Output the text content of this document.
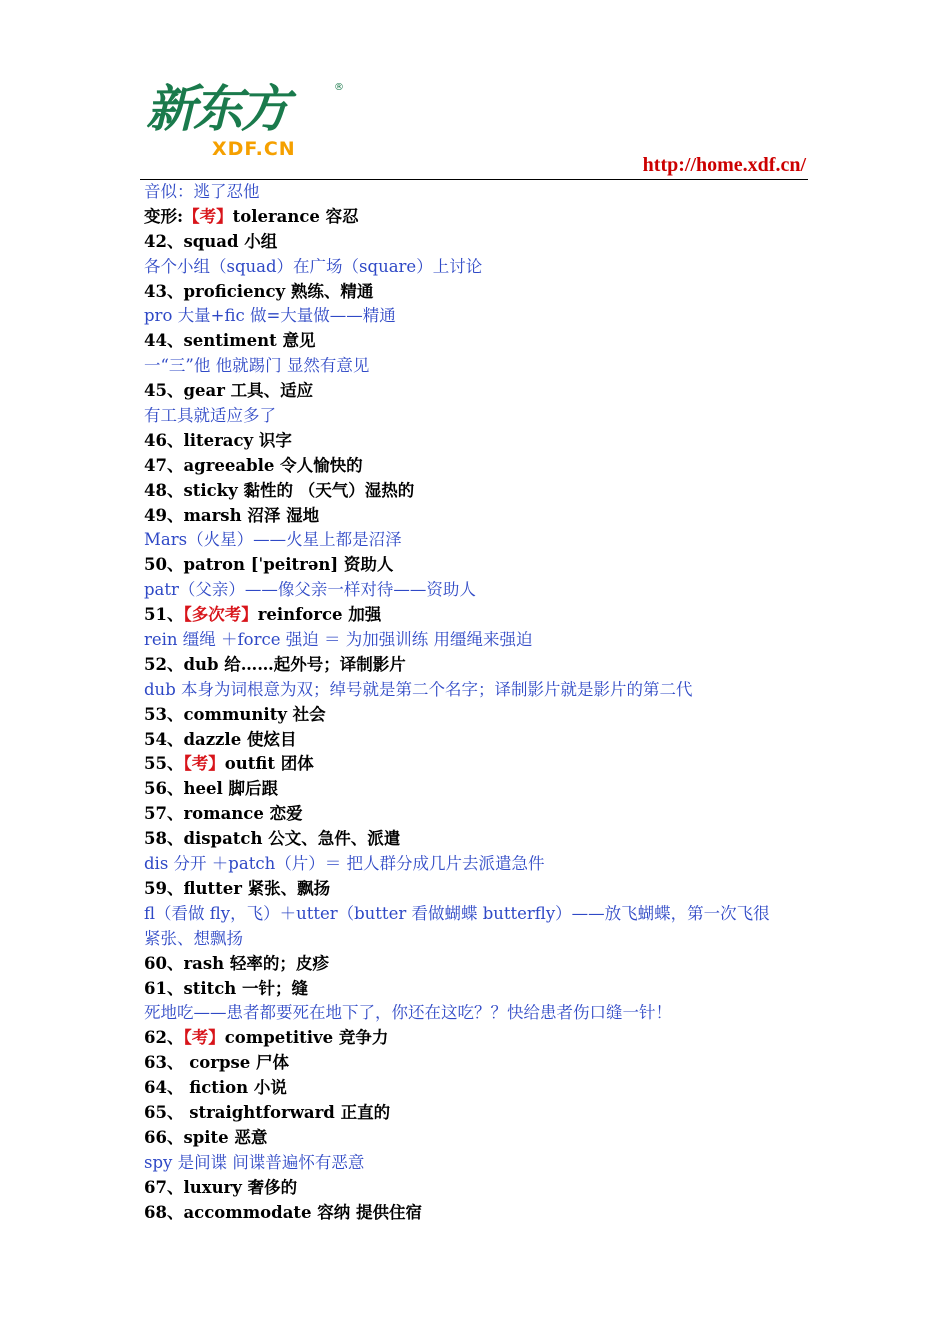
新东方	®
XDF.CN
http://home.xdf.cn/
音似：逃了忍他
变形:【考】tolerance 容忍
42、squad 小组
各个小组（squad）在广场（square）上讨论
43、proficiency 熟练、精通
pro 大量+fic 做=大量做——精通
44、sentiment 意见
一“三”他 他就踢门 显然有意见
45、gear 工具、适应
有工具就适应多了
46、literacy 识字
47、agreeable 令人愉快的
48、sticky 黏性的 （天气）湿热的
49、marsh 沼泽 湿地
Mars（火星）——火星上都是沼泽
50、patron [ˈpeitrən] 资助人
patr（父亲）——像父亲一样对待——资助人
51、【多次考】reinforce 加强
rein 缰绳 ＋force 强迫 ＝ 为加强训练 用缰绳来强迫
52、dub 给……起外号；译制影片
dub 本身为词根意为双；绰号就是第二个名字；译制影片就是影片的第二代
53、community 社会
54、dazzle 使炫目
55、【考】outfit 团体
56、heel 脚后跟
57、romance 恋爱
58、dispatch 公文、急件、派遣
dis 分开 ＋patch（片）＝ 把人群分成几片去派遣急件
59、flutter 紧张、飘扬
fl（看做 fly，飞）＋utter（butter 看做蝴蝶 butterfly）——放飞蝴蝶，第一次飞很
紧张、想飘扬
60、rash 轻率的；皮疹
61、stitch 一针；缝
死地吃——患者都要死在地下了，你还在这吃？？快给患者伤口缝一针！
62、【考】competitive 竞争力
63、 corpse 尸体
64、 fiction 小说
65、 straightforward 正直的
66、spite 恶意
spy 是间谍 间谍普遍怀有恶意
67、luxury 奢侈的
68、accommodate 容纳 提供住宿
